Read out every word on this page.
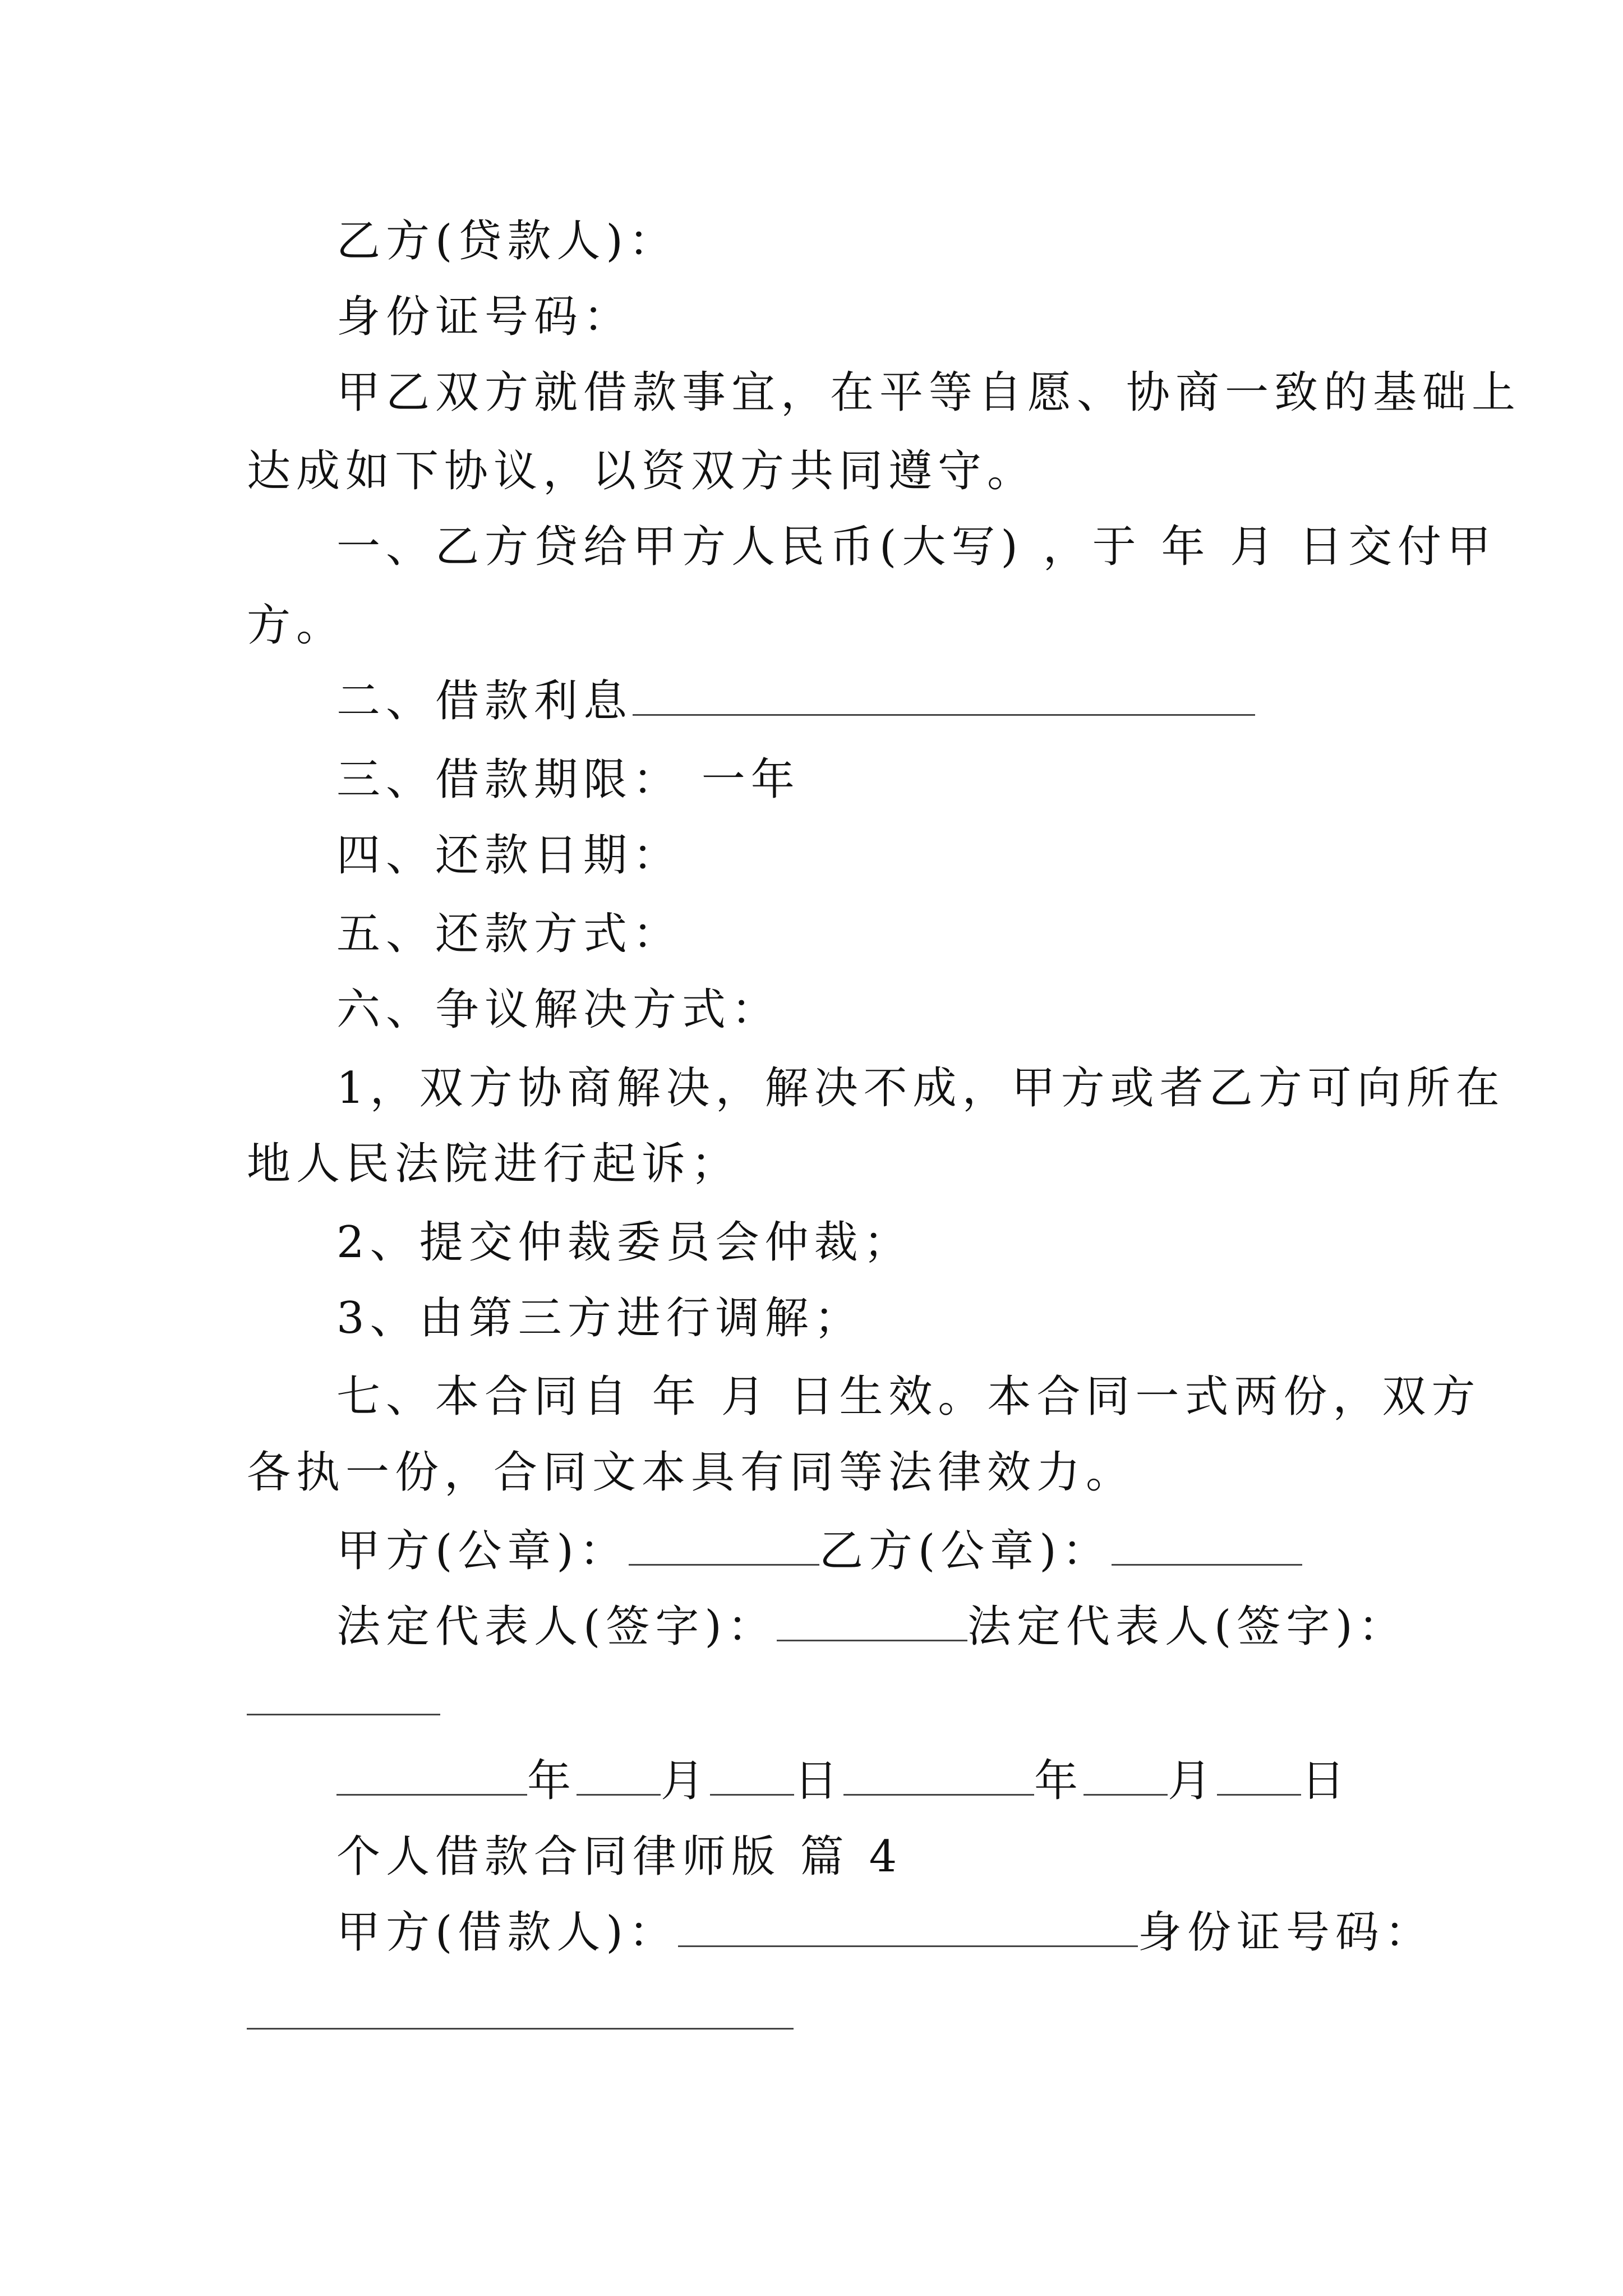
乙方(贷款人)：
身份证号码：
甲乙双方就借款事宜，在平等自愿、协商一致的基础上
达成如下协议，以资双方共同遵守。
一、乙方贷给甲方人民币(大写) ，于 年 月 日交付甲
方。
二、借款利息
三、借款期限： 一年
四、还款日期：
五、还款方式：
六、争议解决方式：
1，双方协商解决，解决不成，甲方或者乙方可向所在
地人民法院进行起诉；
2、提交仲裁委员会仲裁；
3、由第三方进行调解；
七、本合同自 年 月 日生效。本合同一式两份，双方
各执一份，合同文本具有同等法律效力。
甲方(公章)：	乙方(公章)：
法定代表人(签字)：	法定代表人(签字)：
年 月 日	年 月 日
个人借款合同律师版 篇 4
甲方(借款人)：	身份证号码：
